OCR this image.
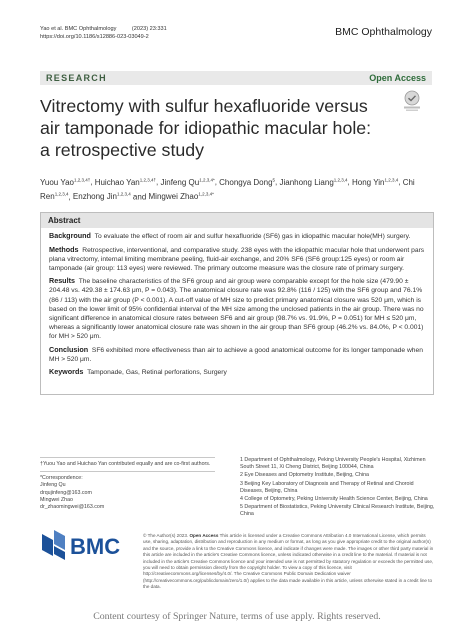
Yao et al. BMC Ophthalmology          (2023) 23:331
https://doi.org/10.1186/s12886-023-03049-2	BMC Ophthalmology
RESEARCH	Open Access
Vitrectomy with sulfur hexafluoride versus air tamponade for idiopathic macular hole: a retrospective study
Yuou Yao$^{1,2,3,4\dagger}$, Huichao Yan$^{1,2,3,4\dagger}$, Jinfeng $Qu^{1,2,3,4*}$, Chongya Dong$^5$, Jianhong Liang$^{1,2,3,4}$, Hong Yin$^{1,2,3,4}$, Chi Ren$^{1,2,3,4}$, Enzhong Jin$^{1,2,3,4}$ and Mingwei Zhao$^{1,2,3,4*}$
Abstract

Background To evaluate the effect of room air and sulfur hexafluoride (SF6) gas in idiopathic macular hole(MH) surgery.

Methods Retrospective, interventional, and comparative study. 238 eyes with the idiopathic macular hole that underwent pars plana vitrectomy, internal limiting membrane peeling, fluid-air exchange, and 20% SF6 (SF6 group:125 eyes) or room air tamponade (air group: 113 eyes) were reviewed. The primary outcome measure was the closure rate of primary surgery.

Results The baseline characteristics of the SF6 group and air group were comparable except for the hole size (479.90 ± 204.48 vs. 429.38 ± 174.63 μm, P = 0.043). The anatomical closure rate was 92.8% (116 / 125) with the SF6 group and 76.1% (86 / 113) with the air group (P < 0.001). A cut-off value of MH size to predict primary anatomical closure was 520 μm, which is based on the lower limit of 95% confidential interval of the MH size among the unclosed patients in the air group. There was no significant difference in anatomical closure rates between SF6 and air group (98.7% vs. 91.9%, P = 0.051) for MH ≤ 520 μm, whereas a significantly lower anatomical closure rate was shown in the air group than SF6 group (46.2% vs. 84.0%, P < 0.001) for MH > 520 μm.

Conclusion SF6 exhibited more effectiveness than air to achieve a good anatomical outcome for its longer tamponade when MH > 520 μm.

Keywords Tamponade, Gas, Retinal perforations, Surgery

†Yuou Yao and Huichao Yan contributed equally and are co-first authors.

*Correspondence:
Jinfeng Qu
drqujinfeng@163.com
Mingwei Zhao
dr_zhaomingwei@163.com

1 Department of Ophthalmology, Peking University People's Hospital, Xizhimen South Street 11, Xi Cheng District, Beijing 100044, China

2 Eye Diseases and Optometry Institute, Beijing, China

3 Beijing Key Laboratory of Diagnosis and Therapy of Retinal and Choroid Diseases, Beijing, China

4 College of Optometry, Peking University Health Science Center, Beijing, China

5 Department of Biostatistics, Peking University Clinical Research Institute, Beijing, China

BMC	© The Author(s) 2023. Open Access This article is licensed under a Creative Commons Attribution 4.0 International License, which permits use, sharing, adaptation, distribution and reproduction in any medium or format, as long as you give appropriate credit to the original author(s) and the source, provide a link to the Creative Commons licence, and indicate if changes were made. The images or other third party material in this article are included in the article's Creative Commons licence, unless indicated otherwise in a credit line to the material. If material is not included in the article's Creative Commons licence and your intended use is not permitted by statutory regulation or exceeds the permitted use, you will need to obtain permission directly from the copyright holder. To view a copy of this licence, visit http://creativecommons.org/licenses/by/4.0/. The Creative Commons Public Domain Dedication waiver (http://creativecommons.org/publicdomain/zero/1.0/) applies to the data made available in this article, unless otherwise stated in a credit line to the data.
Content courtesy of Springer Nature, terms of use apply. Rights reserved.
